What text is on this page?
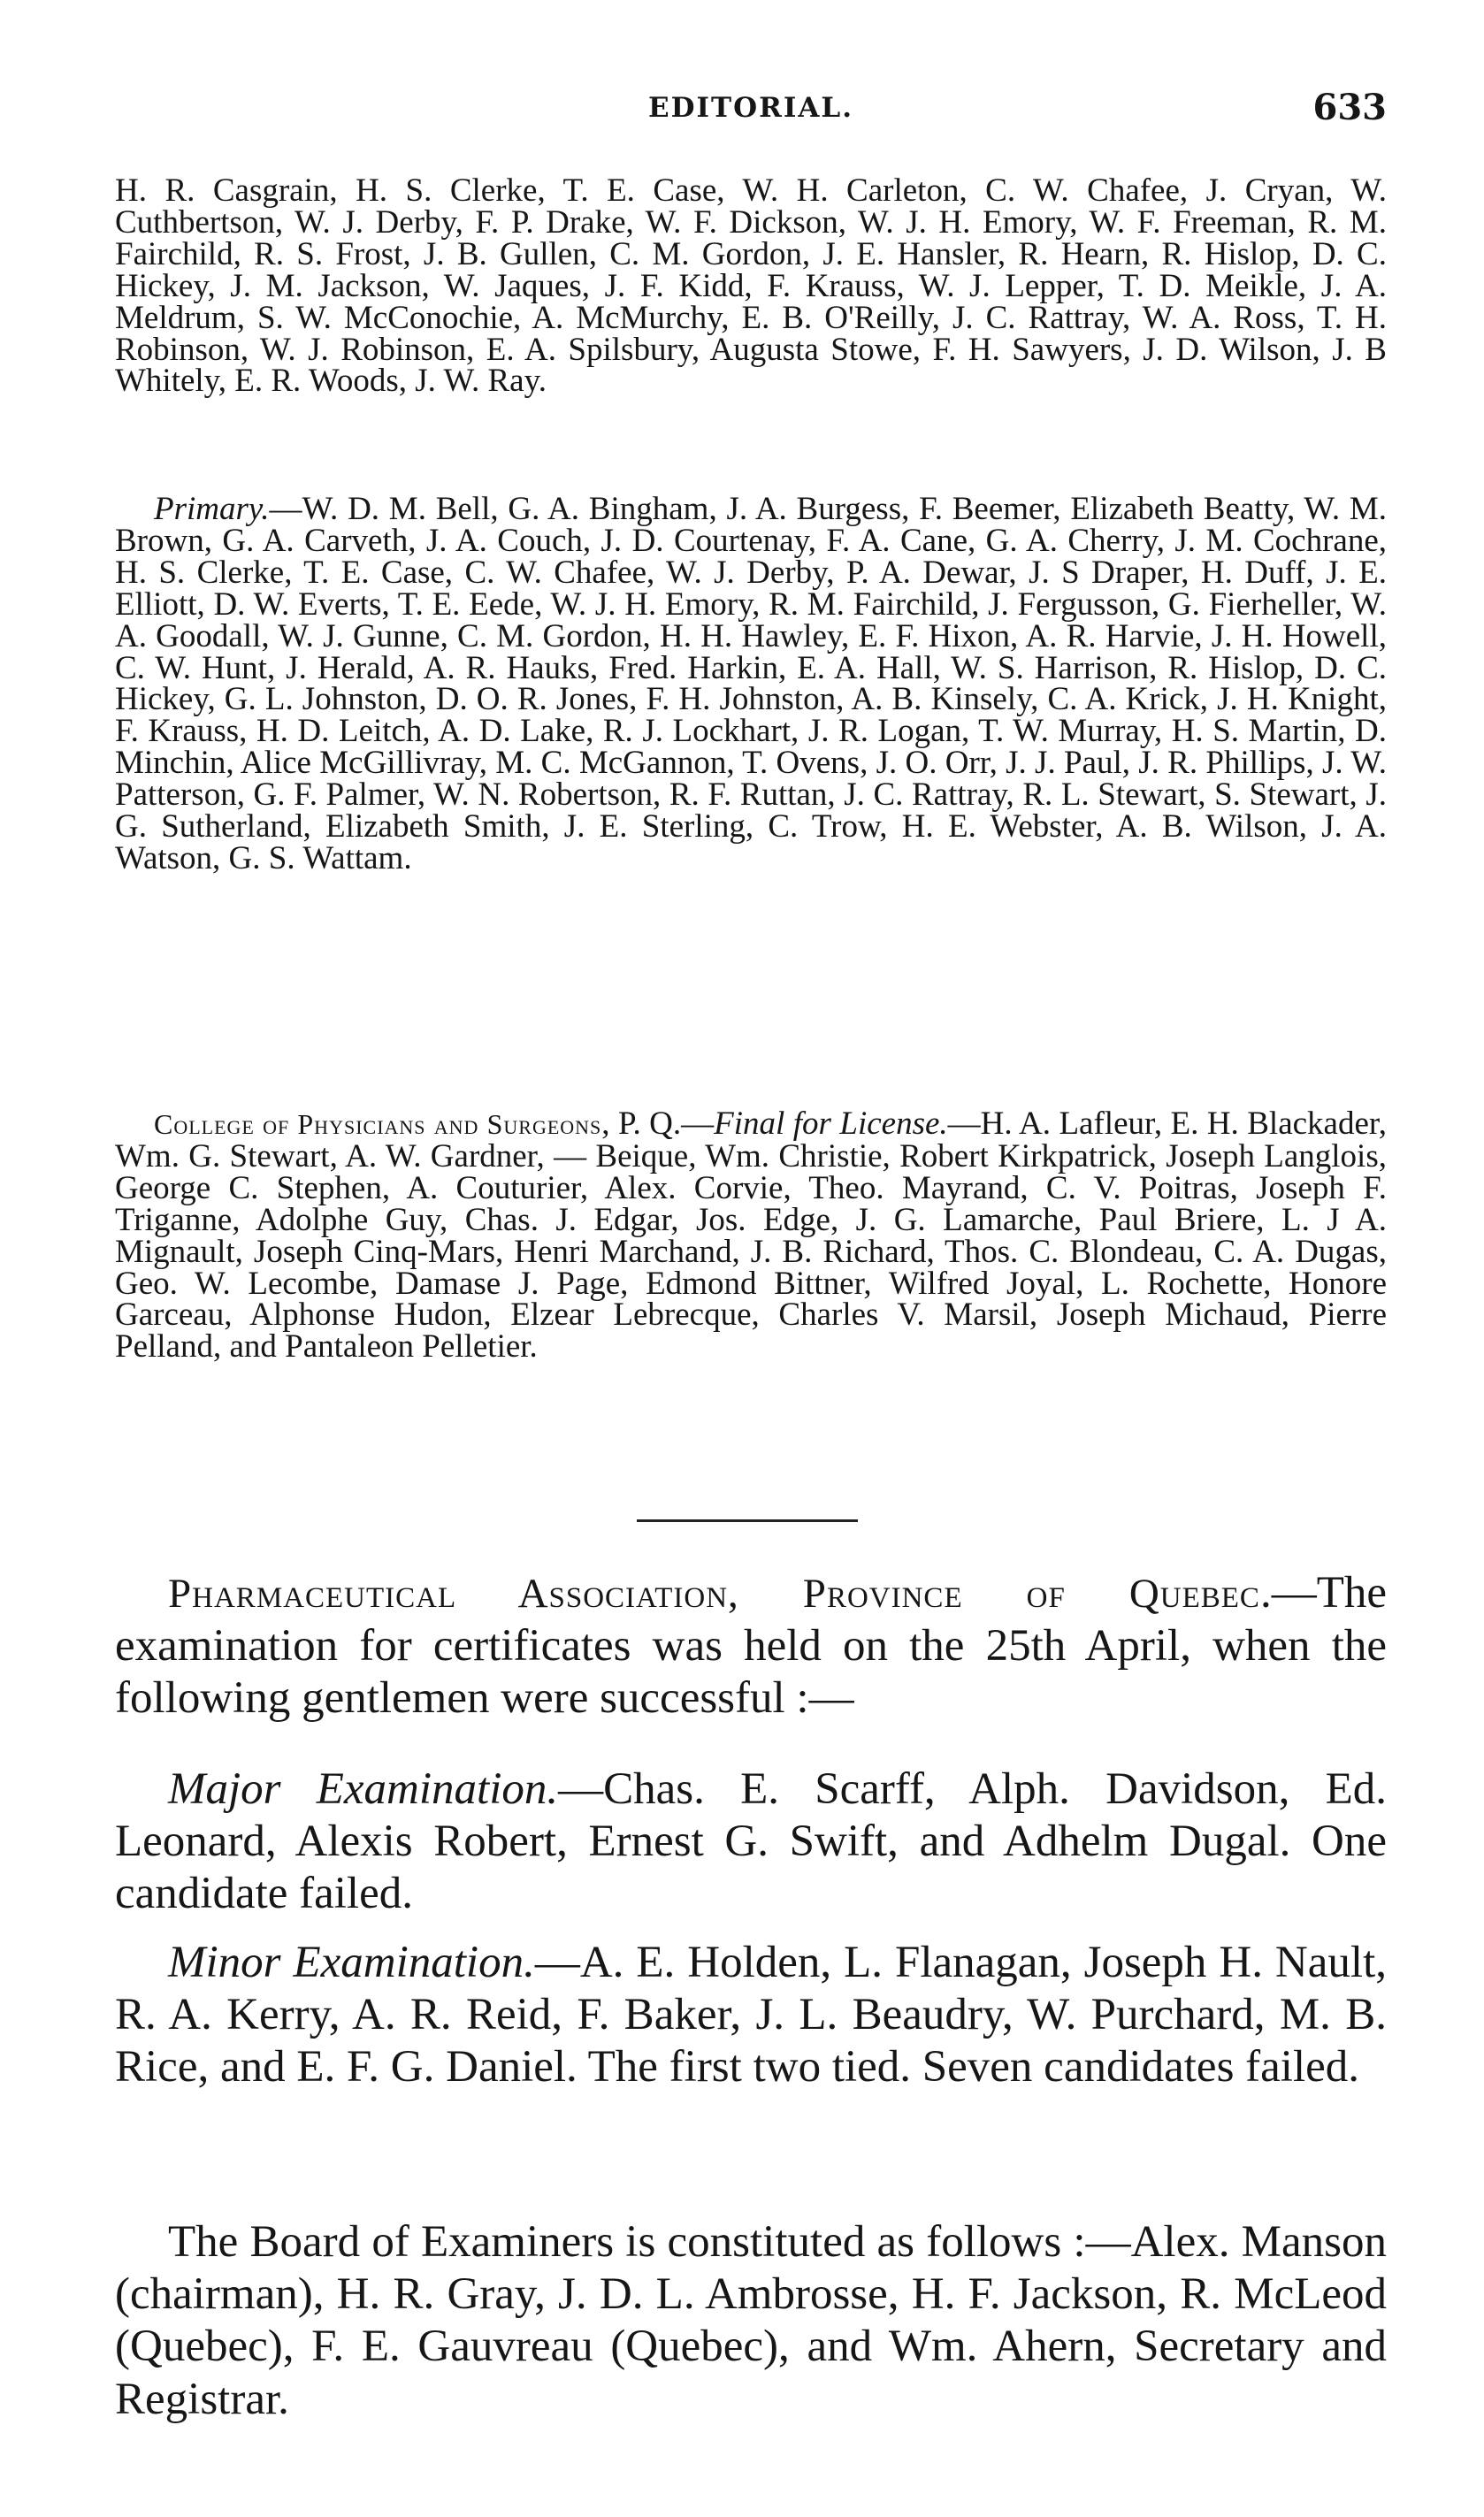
EDITORIAL.	633

H. R. Casgrain, H. S. Clerke, T. E. Case, W. H. Carleton, C. W. Chafee, J. Cryan, W. Cuthbertson, W. J. Derby, F. P. Drake, W. F. Dickson, W. J. H. Emory, W. F. Freeman, R. M. Fairchild, R. S. Frost, J. B. Gullen, C. M. Gordon, J. E. Hansler, R. Hearn, R. Hislop, D. C. Hickey, J. M. Jackson, W. Jaques, J. F. Kidd, F. Krauss, W. J. Lepper, T. D. Meikle, J. A. Meldrum, S. W. McConochie, A. McMurchy, E. B. O'Reilly, J. C. Rattray, W. A. Ross, T. H. Robinson, W. J. Robinson, E. A. Spilsbury, Augusta Stowe, F. H. Sawyers, J. D. Wilson, J. B Whitely, E. R. Woods, J. W. Ray.

Primary.—W. D. M. Bell, G. A. Bingham, J. A. Burgess, F. Beemer, Elizabeth Beatty, W. M. Brown, G. A. Carveth, J. A. Couch, J. D. Courtenay, F. A. Cane, G. A. Cherry, J. M. Cochrane, H. S. Clerke, T. E. Case, C. W. Chafee, W. J. Derby, P. A. Dewar, J. S Draper, H. Duff, J. E. Elliott, D. W. Everts, T. E. Eede, W. J. H. Emory, R. M. Fairchild, J. Fergusson, G. Fierheller, W. A. Goodall, W. J. Gunne, C. M. Gordon, H. H. Hawley, E. F. Hixon, A. R. Harvie, J. H. Howell, C. W. Hunt, J. Herald, A. R. Hauks, Fred. Harkin, E. A. Hall, W. S. Harrison, R. Hislop, D. C. Hickey, G. L. Johnston, D. O. R. Jones, F. H. Johnston, A. B. Kinsely, C. A. Krick, J. H. Knight, F. Krauss, H. D. Leitch, A. D. Lake, R. J. Lockhart, J. R. Logan, T. W. Murray, H. S. Martin, D. Minchin, Alice McGillivray, M. C. McGannon, T. Ovens, J. O. Orr, J. J. Paul, J. R. Phillips, J. W. Patterson, G. F. Palmer, W. N. Robertson, R. F. Ruttan, J. C. Rattray, R. L. Stewart, S. Stewart, J. G. Sutherland, Elizabeth Smith, J. E. Sterling, C. Trow, H. E. Webster, A. B. Wilson, J. A. Watson, G. S. Wattam.

College of Physicians and Surgeons, P. Q.—Final for License.—H. A. Lafleur, E. H. Blackader, Wm. G. Stewart, A. W. Gardner, — Beique, Wm. Christie, Robert Kirkpatrick, Joseph Langlois, George C. Stephen, A. Couturier, Alex. Corvie, Theo. Mayrand, C. V. Poitras, Joseph F. Triganne, Adolphe Guy, Chas. J. Edgar, Jos. Edge, J. G. Lamarche, Paul Briere, L. J A. Mignault, Joseph Cinq-Mars, Henri Marchand, J. B. Richard, Thos. C. Blondeau, C. A. Dugas, Geo. W. Lecombe, Damase J. Page, Edmond Bittner, Wilfred Joyal, L. Rochette, Honore Garceau, Alphonse Hudon, Elzear Lebrecque, Charles V. Marsil, Joseph Michaud, Pierre Pelland, and Pantaleon Pelletier.

Pharmaceutical Association, Province of Quebec.—The examination for certificates was held on the 25th April, when the following gentlemen were successful :—

Major Examination.—Chas. E. Scarff, Alph. Davidson, Ed. Leonard, Alexis Robert, Ernest G. Swift, and Adhelm Dugal. One candidate failed.

Minor Examination.—A. E. Holden, L. Flanagan, Joseph H. Nault, R. A. Kerry, A. R. Reid, F. Baker, J. L. Beaudry, W. Purchard, M. B. Rice, and E. F. G. Daniel. The first two tied. Seven candidates failed.

The Board of Examiners is constituted as follows :—Alex. Manson (chairman), H. R. Gray, J. D. L. Ambrosse, H. F. Jackson, R. McLeod (Quebec), F. E. Gauvreau (Quebec), and Wm. Ahern, Secretary and Registrar.
